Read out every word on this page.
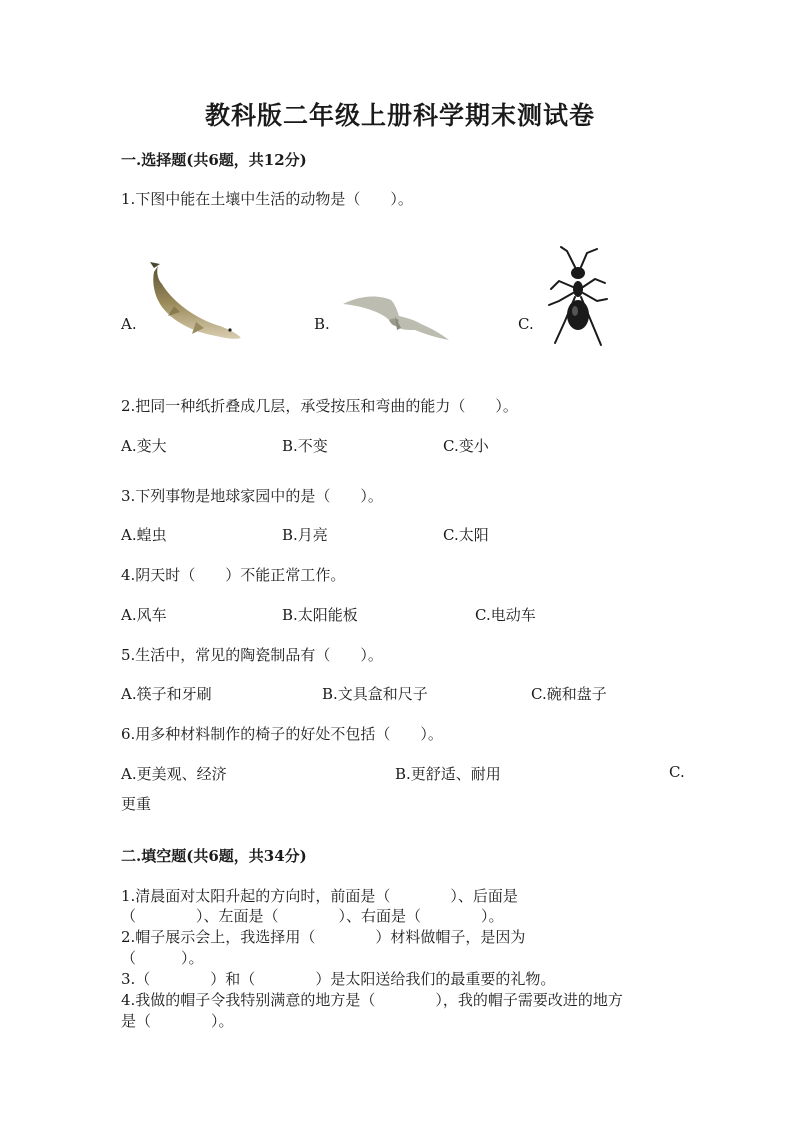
教科版二年级上册科学期末测试卷
一.选择题(共6题，共12分)
1.下图中能在土壤中生活的动物是（　　）。
A.	B.	C.
2.把同一种纸折叠成几层，承受按压和弯曲的能力（　　）。
A.变大	B.不变	C.变小
3.下列事物是地球家园中的是（　　）。
A.蝗虫	B.月亮	C.太阳
4.阴天时（　　）不能正常工作。
A.风车	B.太阳能板	C.电动车
5.生活中，常见的陶瓷制品有（　　）。
A.筷子和牙刷	B.文具盒和尺子	C.碗和盘子
6.用多种材料制作的椅子的好处不包括（　　）。
A.更美观、经济	B.更舒适、耐用	C.
更重
二.填空题(共6题，共34分)
1.清晨面对太阳升起的方向时，前面是（　　　　）、后面是
（　　　　）、左面是（　　　　）、右面是（　　　　）。
2.帽子展示会上，我选择用（　　　　）材料做帽子，是因为
（　　　）。
3.（　　　　）和（　　　　）是太阳送给我们的最重要的礼物。
4.我做的帽子令我特别满意的地方是（　　　　），我的帽子需要改进的地方
是（　　　　）。
